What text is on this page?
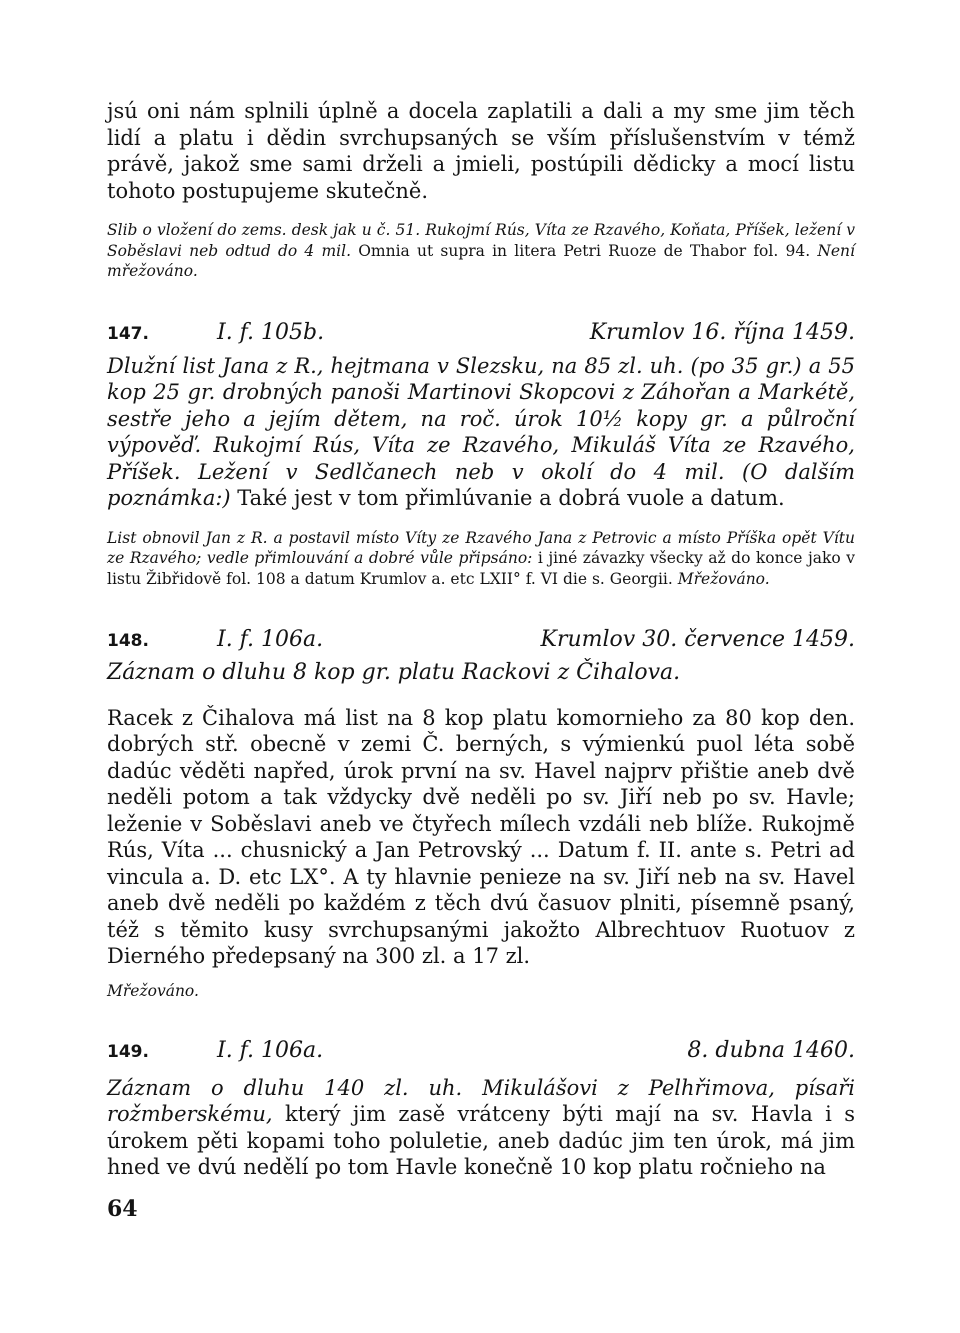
jsú oni nám splnili úplně a docela zaplatili a dali a my sme jim těch lidí a platu i dědin svrchupsaných se vším příslušenstvím v témž právě, jakož sme sami drželi a jmieli, postúpili dědicky a mocí listu tohoto postupujeme skutečně.

Slib o vložení do zems. desk jak u č. 51. Rukojmí Rús, Víta ze Rzavého, Koňata, Příšek, ležení v Soběslavi neb odtud do 4 mil. Omnia ut supra in litera Petri Ruoze de Thabor fol. 94. Není mřežováno.

147.	I. f. 105b.	Krumlov 16. října 1459.

Dlužní list Jana z R., hejtmana v Slezsku, na 85 zl. uh. (po 35 gr.) a 55 kop 25 gr. drobných panoši Martinovi Skopcovi z Záhořan a Markétě, sestře jeho a jejím dětem, na roč. úrok 10½ kopy gr. a půlroční výpověď. Rukojmí Rús, Víta ze Rzavého, Mikuláš Víta ze Rzavého, Příšek. Ležení v Sedlčanech neb v okolí do 4 mil. (O dalším poznámka:) Také jest v tom přimlúvanie a dobrá vuole a datum.

List obnovil Jan z R. a postavil místo Víty ze Rzavého Jana z Petrovic a místo Příška opět Vítu ze Rzavého; vedle přimlouvání a dobré vůle připsáno: i jiné závazky všecky až do konce jako v listu Žibřidově fol. 108 a datum Krumlov a. etc LXII° f. VI die s. Georgii. Mřežováno.

148.	I. f. 106a.	Krumlov 30. července 1459.

Záznam o dluhu 8 kop gr. platu Rackovi z Čihalova.

Racek z Čihalova má list na 8 kop platu komornieho za 80 kop den. dobrých stř. obecně v zemi Č. berných, s výmienkú puol léta sobě dadúc věděti napřed, úrok první na sv. Havel najprv přištie aneb dvě neděli potom a tak vždycky dvě neděli po sv. Jiří neb po sv. Havle; leženie v Soběslavi aneb ve čtyřech mílech vzdáli neb blíže. Rukojmě Rús, Víta ... chusnický a Jan Petrovský ... Datum f. II. ante s. Petri ad vincula a. D. etc LX°. A ty hlavnie penieze na sv. Jiří neb na sv. Havel aneb dvě neděli po každém z těch dvú časuov plniti, písemně psaný, též s těmito kusy svrchupsanými jakožto Albrechtuov Ruotuov z Dierného předepsaný na 300 zl. a 17 zl.

Mřežováno.

149.	I. f. 106a.	8. dubna 1460.

Záznam o dluhu 140 zl. uh. Mikulášovi z Pelhřimova, písaři rožmberskému, který jim zasě vrátceny býti mají na sv. Havla i s úrokem pěti kopami toho poluletie, aneb dadúc jim ten úrok, má jim hned ve dvú nedělí po tom Havle konečně 10 kop platu ročnieho na

64
